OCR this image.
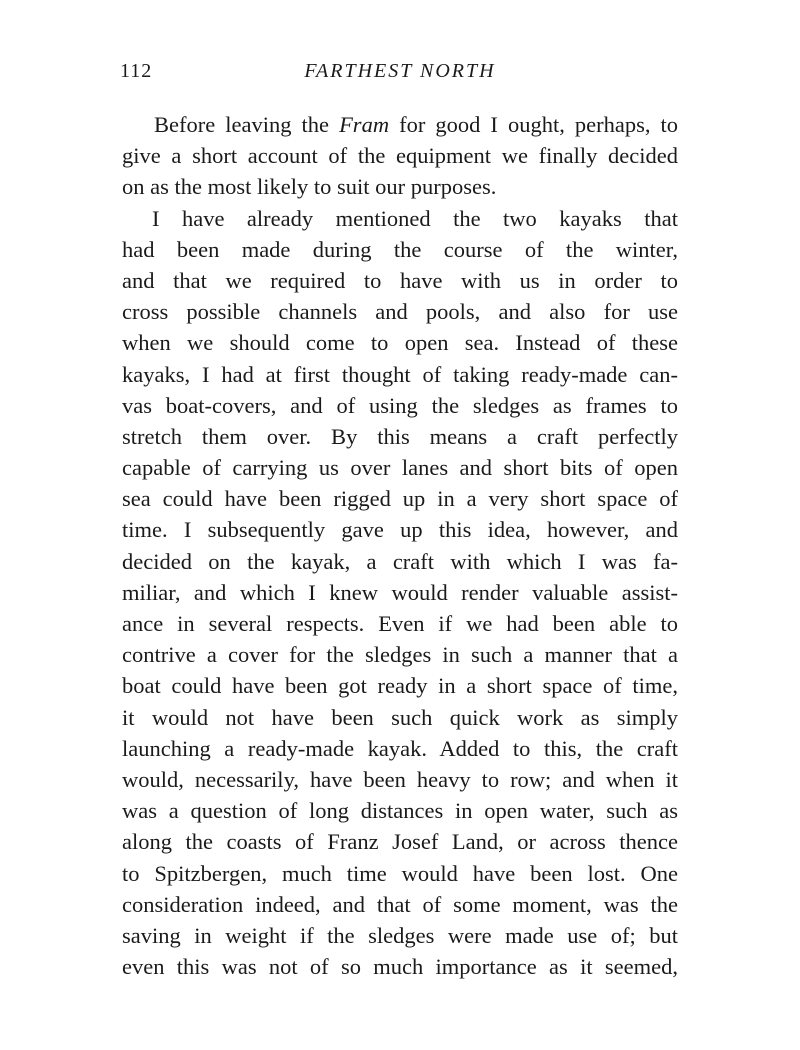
112	FARTHEST NORTH
Before leaving the Fram for good I ought, perhaps, to
give a short account of the equipment we finally decided
on as the most likely to suit our purposes.
I have already mentioned the two kayaks that
had been made during the course of the winter,
and that we required to have with us in order to
cross possible channels and pools, and also for use
when we should come to open sea. Instead of these
kayaks, I had at first thought of taking ready-made can-
vas boat-covers, and of using the sledges as frames to
stretch them over. By this means a craft perfectly
capable of carrying us over lanes and short bits of open
sea could have been rigged up in a very short space of
time. I subsequently gave up this idea, however, and
decided on the kayak, a craft with which I was fa-
miliar, and which I knew would render valuable assist-
ance in several respects. Even if we had been able to
contrive a cover for the sledges in such a manner that a
boat could have been got ready in a short space of time,
it would not have been such quick work as simply
launching a ready-made kayak. Added to this, the craft
would, necessarily, have been heavy to row; and when it
was a question of long distances in open water, such as
along the coasts of Franz Josef Land, or across thence
to Spitzbergen, much time would have been lost. One
consideration indeed, and that of some moment, was the
saving in weight if the sledges were made use of; but
even this was not of so much importance as it seemed,
